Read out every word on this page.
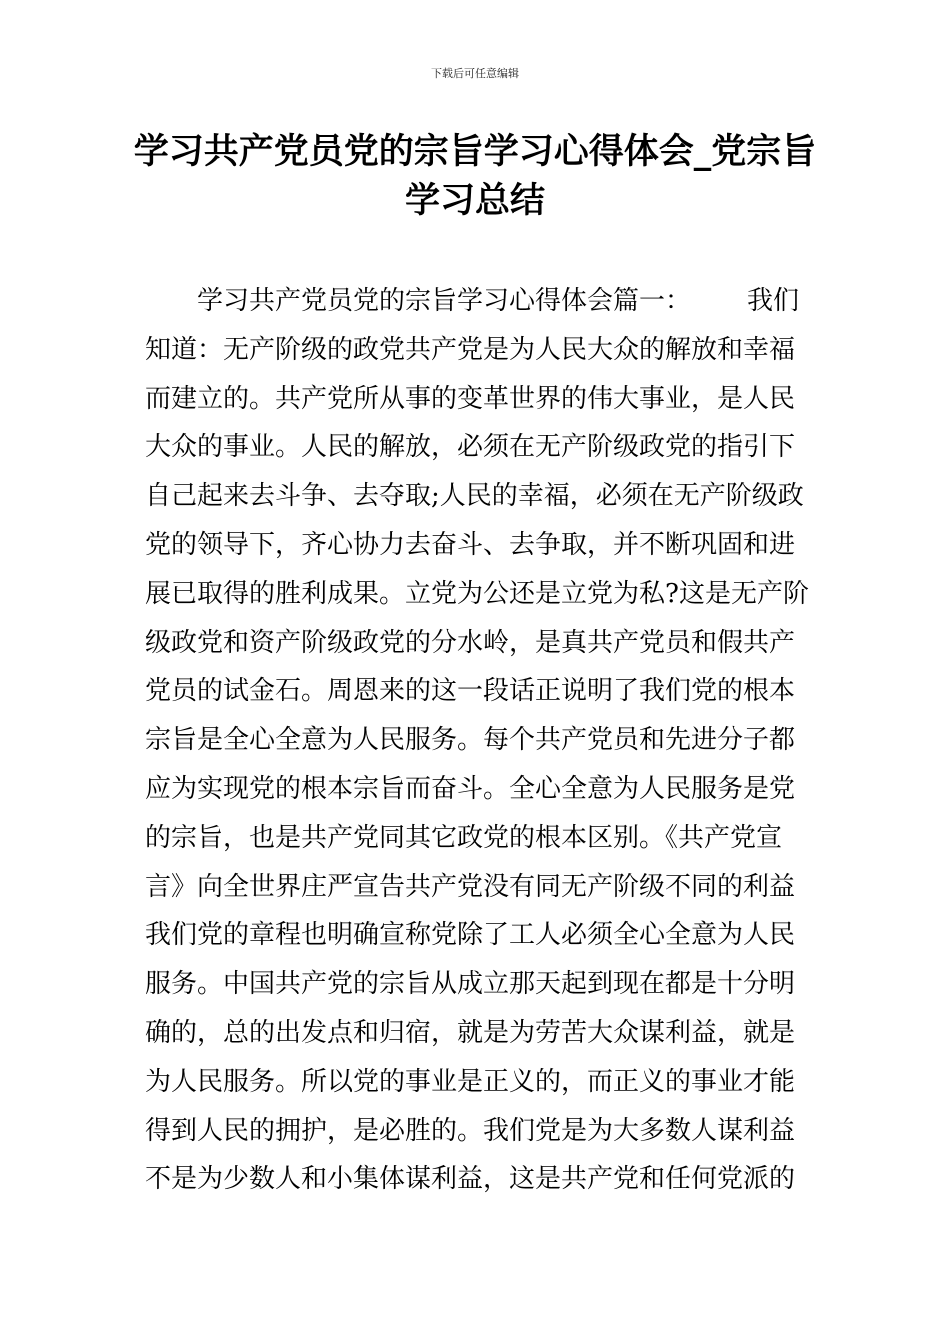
下载后可任意编辑
学习共产党员党的宗旨学习心得体会_党宗旨学习总结
学习共产党员党的宗旨学习心得体会篇一： 我们
知道：无产阶级的政党共产党是为人民大众的解放和幸福
而建立的。共产党所从事的变革世界的伟大事业，是人民
大众的事业。人民的解放，必须在无产阶级政党的指引下
自己起来去斗争、去夺取;人民的幸福，必须在无产阶级政
党的领导下，齐心协力去奋斗、去争取，并不断巩固和进
展已取得的胜利成果。立党为公还是立党为私?这是无产阶
级政党和资产阶级政党的分水岭，是真共产党员和假共产
党员的试金石。周恩来的这一段话正说明了我们党的根本
宗旨是全心全意为人民服务。每个共产党员和先进分子都
应为实现党的根本宗旨而奋斗。全心全意为人民服务是党
的宗旨，也是共产党同其它政党的根本区别。《共产党宣
言》向全世界庄严宣告共产党没有同无产阶级不同的利益
我们党的章程也明确宣称党除了工人必须全心全意为人民
服务。中国共产党的宗旨从成立那天起到现在都是十分明
确的，总的出发点和归宿，就是为劳苦大众谋利益，就是
为人民服务。所以党的事业是正义的，而正义的事业才能
得到人民的拥护，是必胜的。我们党是为大多数人谋利益
不是为少数人和小集体谋利益，这是共产党和任何党派的
